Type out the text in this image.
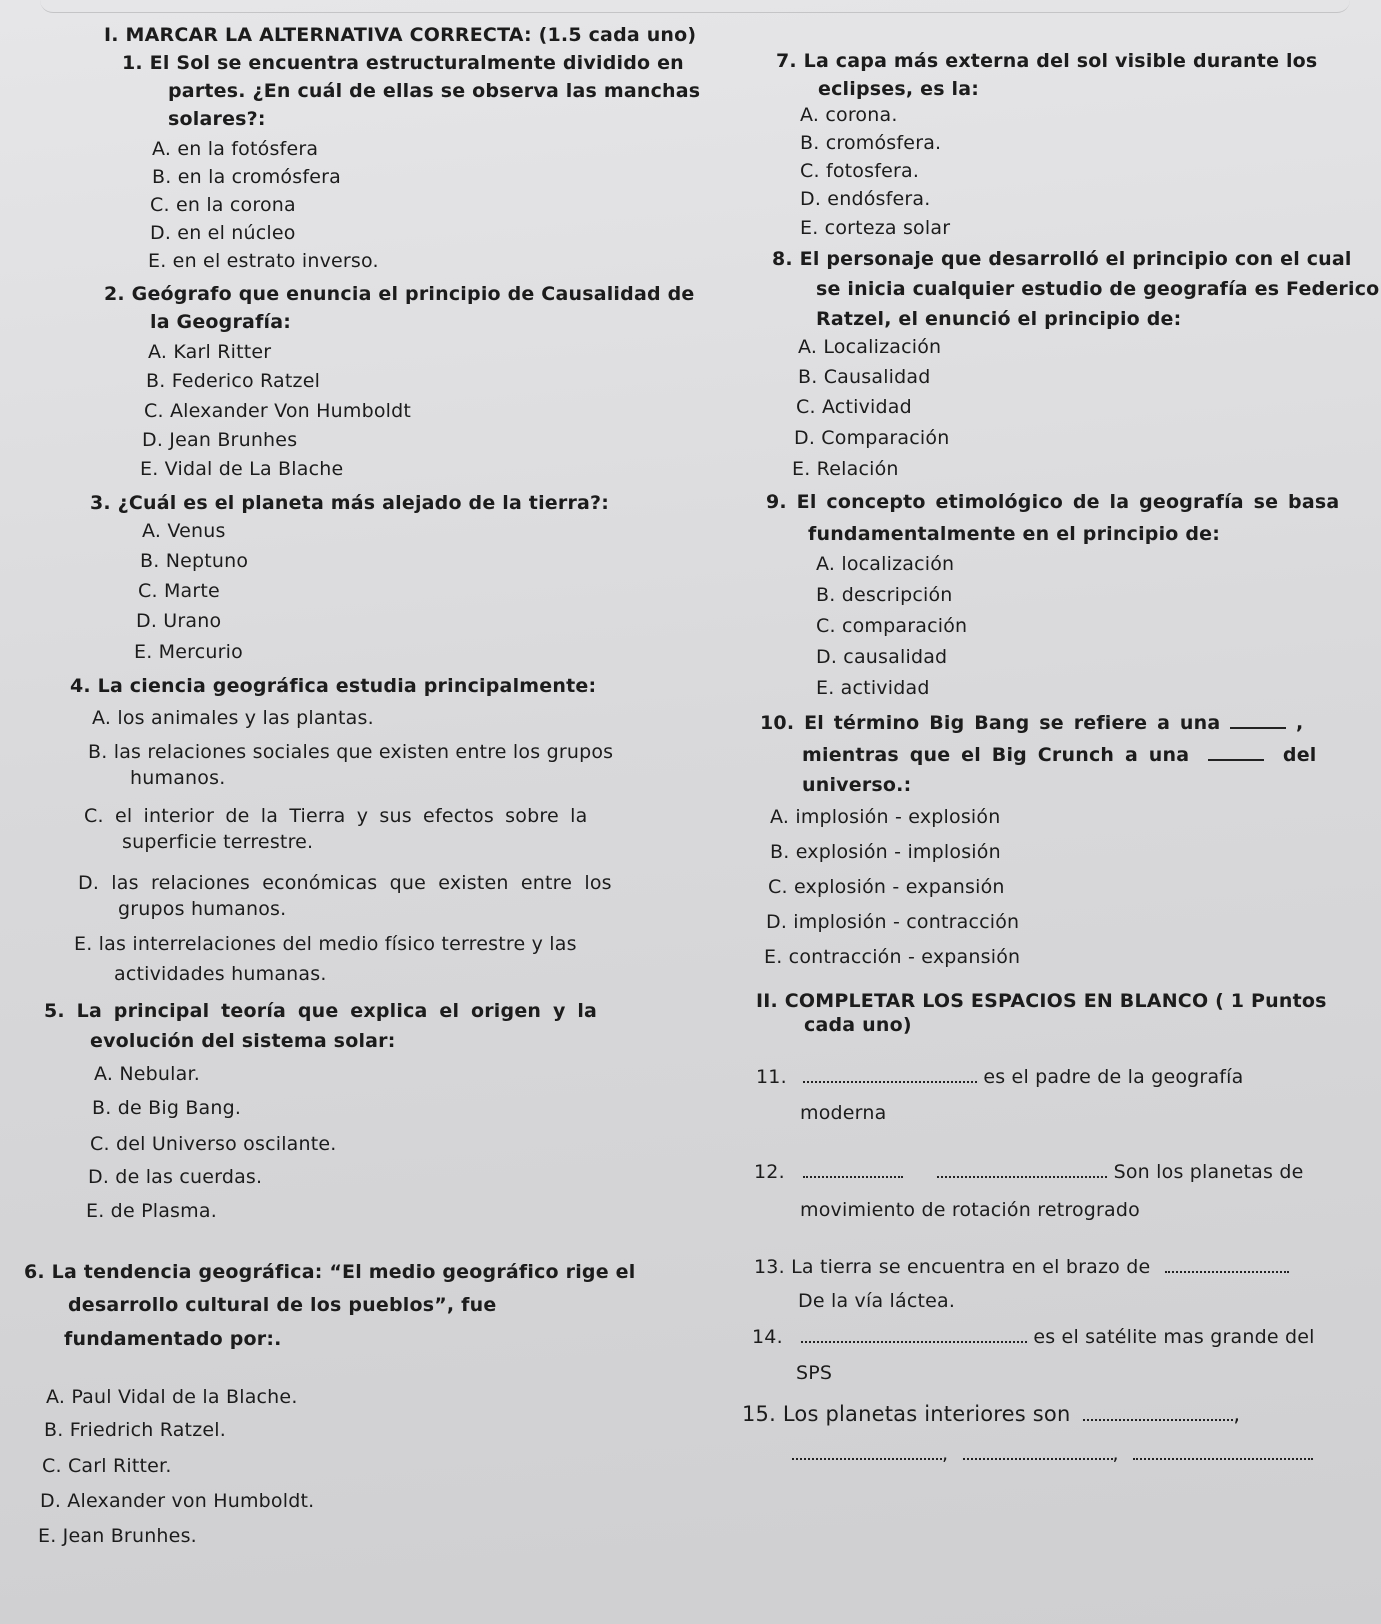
I. MARCAR LA ALTERNATIVA CORRECTA: (1.5 cada uno)
1. El Sol se encuentra estructuralmente dividido en
partes. ¿En cuál de ellas se observa las manchas
solares?:
A. en la fotósfera
B. en la cromósfera
C. en la corona
D. en el núcleo
E. en el estrato inverso.
2. Geógrafo que enuncia el principio de Causalidad de
la Geografía:
A. Karl Ritter
B. Federico Ratzel
C. Alexander Von Humboldt
D. Jean Brunhes
E. Vidal de La Blache
3. ¿Cuál es el planeta más alejado de la tierra?:
A. Venus
B. Neptuno
C. Marte
D. Urano
E. Mercurio
4. La ciencia geográfica estudia principalmente:
A. los animales y las plantas.
B. las relaciones sociales que existen entre los grupos
humanos.
C. el interior de la Tierra y sus efectos sobre la
superficie terrestre.
D. las relaciones económicas que existen entre los
grupos humanos.
E. las interrelaciones del medio físico terrestre y las
actividades humanas.
5. La principal teoría que explica el origen y la
evolución del sistema solar:
A. Nebular.
B. de Big Bang.
C. del Universo oscilante.
D. de las cuerdas.
E. de Plasma.
6. La tendencia geográfica: “El medio geográfico rige el
desarrollo cultural de los pueblos”, fue
fundamentado por:.
A. Paul Vidal de la Blache.
B. Friedrich Ratzel.
C. Carl Ritter.
D. Alexander von Humboldt.
E. Jean Brunhes.
7. La capa más externa del sol visible durante los
eclipses, es la:
A. corona.
B. cromósfera.
C. fotosfera.
D. endósfera.
E. corteza solar
8. El personaje que desarrolló el principio con el cual
se inicia cualquier estudio de geografía es Federico
Ratzel, el enunció el principio de:
A. Localización
B. Causalidad
C. Actividad
D. Comparación
E. Relación
9. El concepto etimológico de la geografía se basa
fundamentalmente en el principio de:
A. localización
B. descripción
C. comparación
D. causalidad
E. actividad
10. El término Big Bang se refiere a una	,
mientras que el Big Crunch a una	del
universo.:
A. implosión - explosión
B. explosión - implosión
C. explosión - expansión
D. implosión - contracción
E. contracción - expansión
II. COMPLETAR LOS ESPACIOS EN BLANCO ( 1 Puntos
cada uno)
11.	es el padre de la geografía
moderna
12.	Son los planetas de
movimiento de rotación retrogrado
13. La tierra se encuentra en el brazo de
De la vía láctea.
14.	es el satélite mas grande del
SPS
15. Los planetas interiores son	,
,	,
